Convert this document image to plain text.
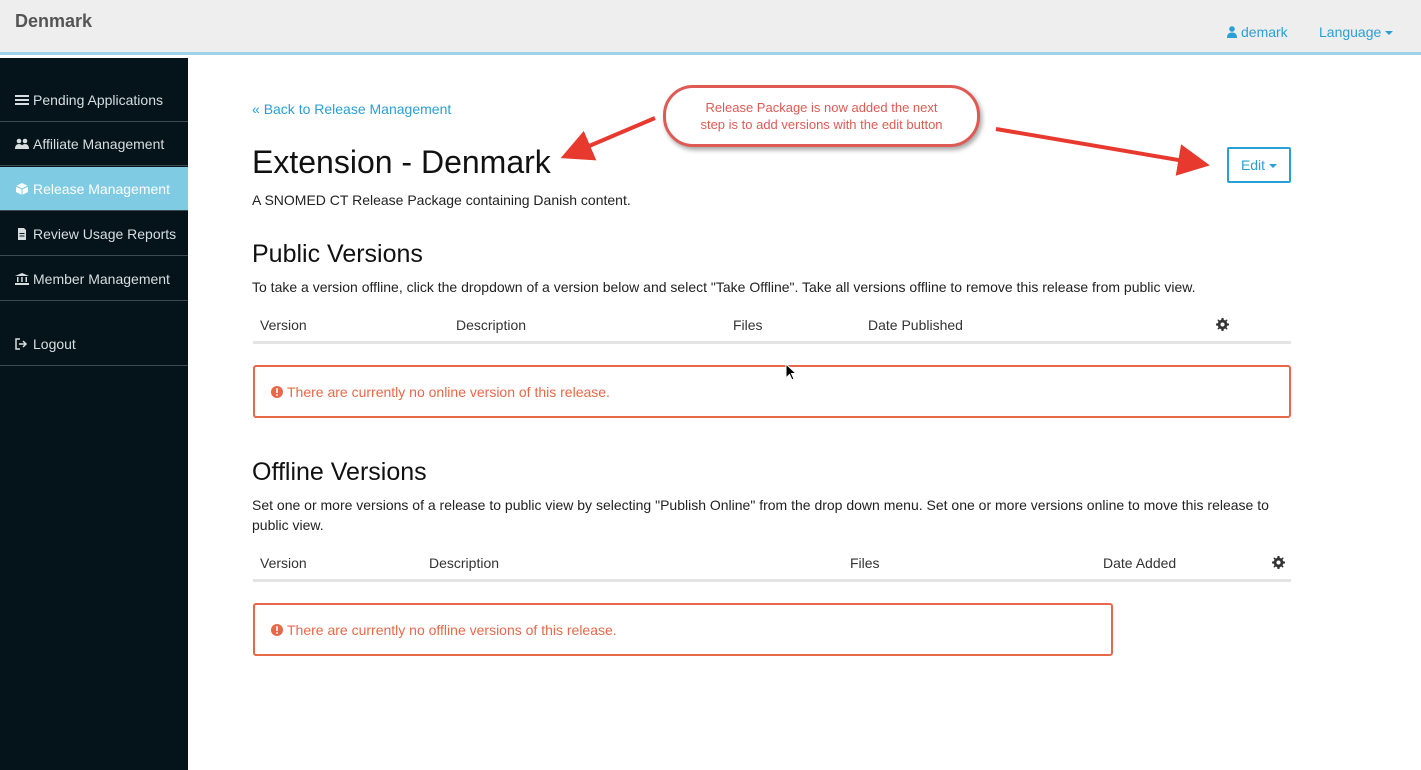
Denmark
demark Language
Pending Applications
Affiliate Management
Release Management
Review Usage Reports
Member Management
Logout
« Back to Release Management
Extension - Denmark
A SNOMED CT Release Package containing Danish content.
Edit
Public Versions
To take a version offline, click the dropdown of a version below and select "Take Offline". Take all versions offline to remove this release from public view.
Version	Description	Files	Date Published
There are currently no online version of this release.
Offline Versions
Set one or more versions of a release to public view by selecting "Publish Online" from the drop down menu. Set one or more versions online to move this release to public view.
Version	Description	Files	Date Added
There are currently no offline versions of this release.
Release Package is now added the next
step is to add versions with the edit button
